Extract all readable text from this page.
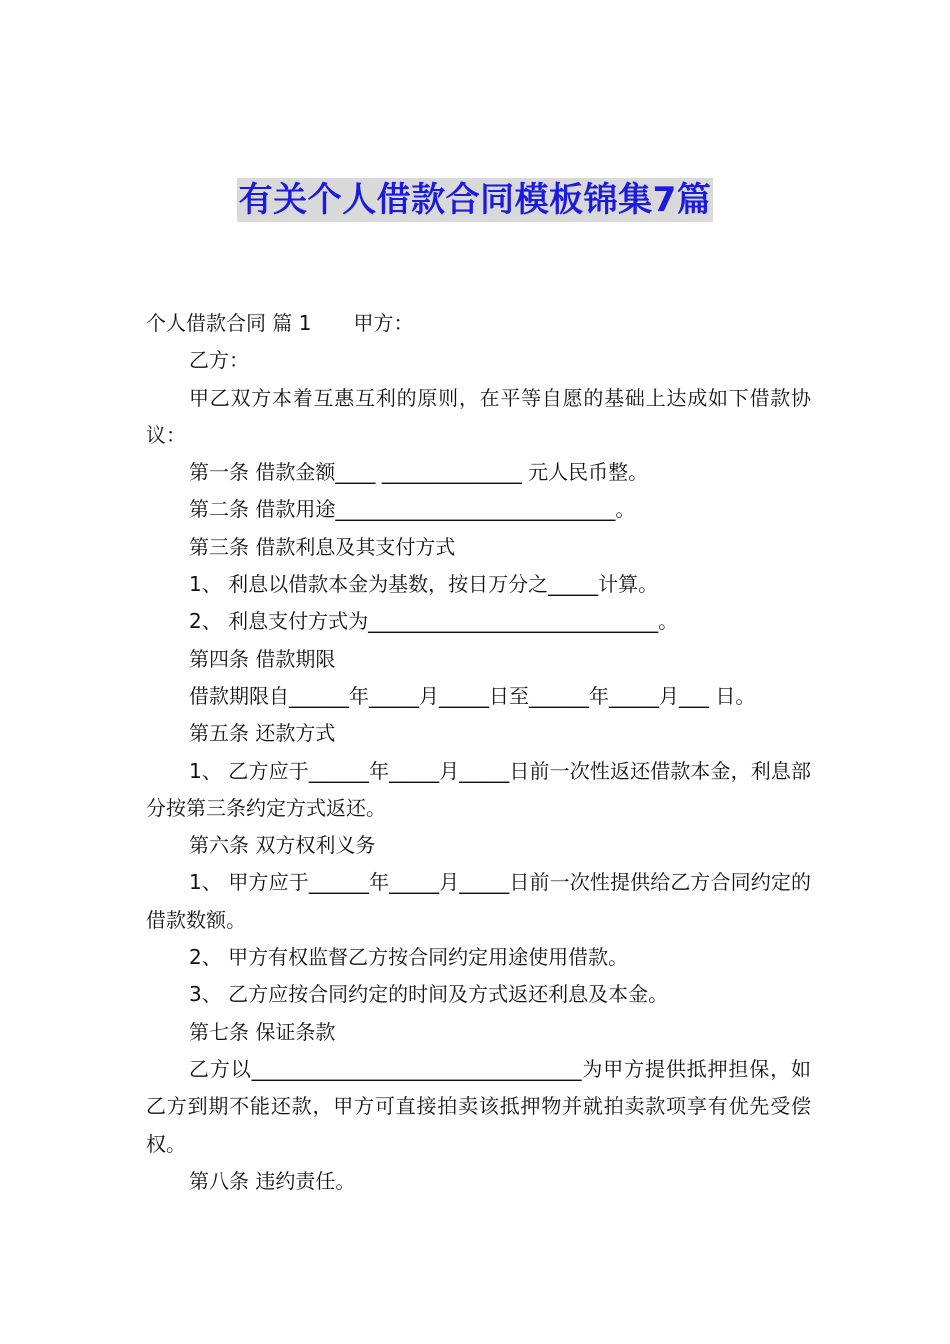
有关个人借款合同模板锦集7篇

个人借款合同 篇 1 甲方：

乙方：

甲乙双方本着互惠互利的原则，在平等自愿的基础上达成如下借款协议：

第一条 借款金额____ ______________ 元人民币整。

第二条 借款用途____________________________。

第三条 借款利息及其支付方式

1、 利息以借款本金为基数，按日万分之_____计算。

2、 利息支付方式为_____________________________。

第四条 借款期限

借款期限自______年_____月_____日至______年_____月___ 日。

第五条 还款方式

1、 乙方应于______年_____月_____日前一次性返还借款本金，利息部分按第三条约定方式返还。

第六条 双方权利义务

1、 甲方应于______年_____月_____日前一次性提供给乙方合同约定的借款数额。

2、 甲方有权监督乙方按合同约定用途使用借款。

3、 乙方应按合同约定的时间及方式返还利息及本金。

第七条 保证条款

乙方以_________________________________为甲方提供抵押担保，如乙方到期不能还款，甲方可直接拍卖该抵押物并就拍卖款项享有优先受偿权。

第八条 违约责任。
